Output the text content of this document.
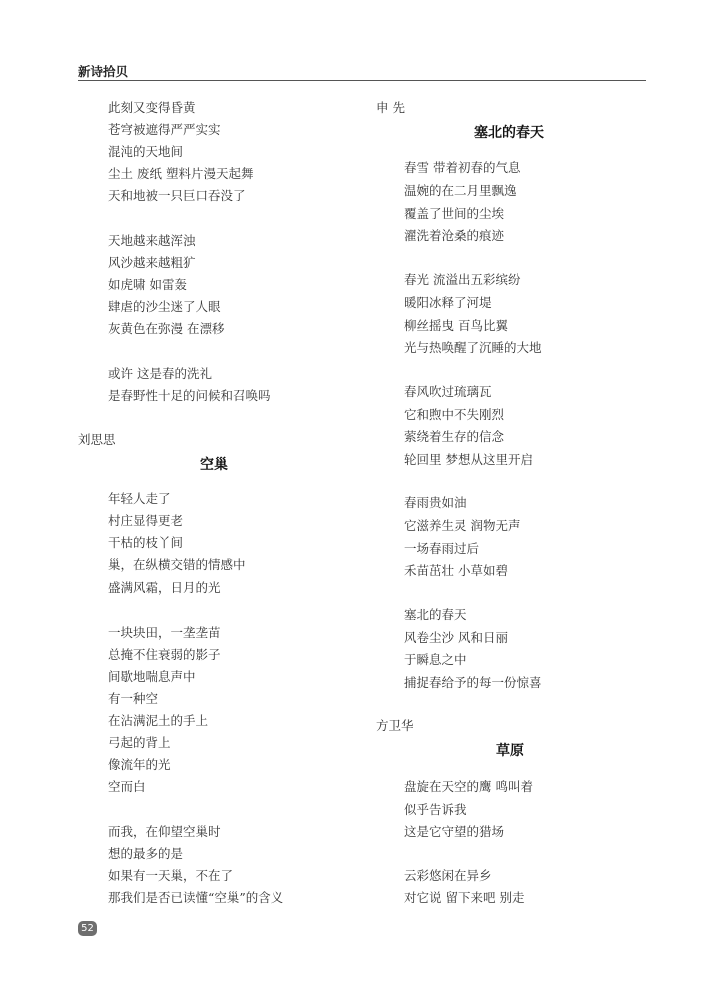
新诗拾贝
此刻又变得昏黄
苍穹被遮得严严实实
混沌的天地间
尘土 废纸 塑料片漫天起舞
天和地被一只巨口吞没了
天地越来越浑浊
风沙越来越粗犷
如虎啸 如雷轰
肆虐的沙尘迷了人眼
灰黄色在弥漫 在漂移
或许 这是春的洗礼
是春野性十足的问候和召唤吗
刘思思
空巢
年轻人走了
村庄显得更老
干枯的枝丫间
巢，在纵横交错的情感中
盛满风霜，日月的光
一块块田，一垄垄苗
总掩不住衰弱的影子
间歇地喘息声中
有一种空
在沾满泥土的手上
弓起的背上
像流年的光
空而白
而我，在仰望空巢时
想的最多的是
如果有一天巢，不在了
那我们是否已读懂“空巢”的含义
申 先
塞北的春天
春雪 带着初春的气息
温婉的在二月里飘逸
覆盖了世间的尘埃
濯洗着沧桑的痕迹
春光 流溢出五彩缤纷
暖阳冰释了河堤
柳丝摇曳 百鸟比翼
光与热唤醒了沉睡的大地
春风吹过琉璃瓦
它和煦中不失刚烈
萦绕着生存的信念
轮回里 梦想从这里开启
春雨贵如油
它滋养生灵 润物无声
一场春雨过后
禾苗茁壮 小草如碧
塞北的春天
风卷尘沙 风和日丽
于瞬息之中
捕捉春给予的每一份惊喜
方卫华
草原
盘旋在天空的鹰 鸣叫着
似乎告诉我
这是它守望的猎场
云彩悠闲在异乡
对它说 留下来吧 别走
52
